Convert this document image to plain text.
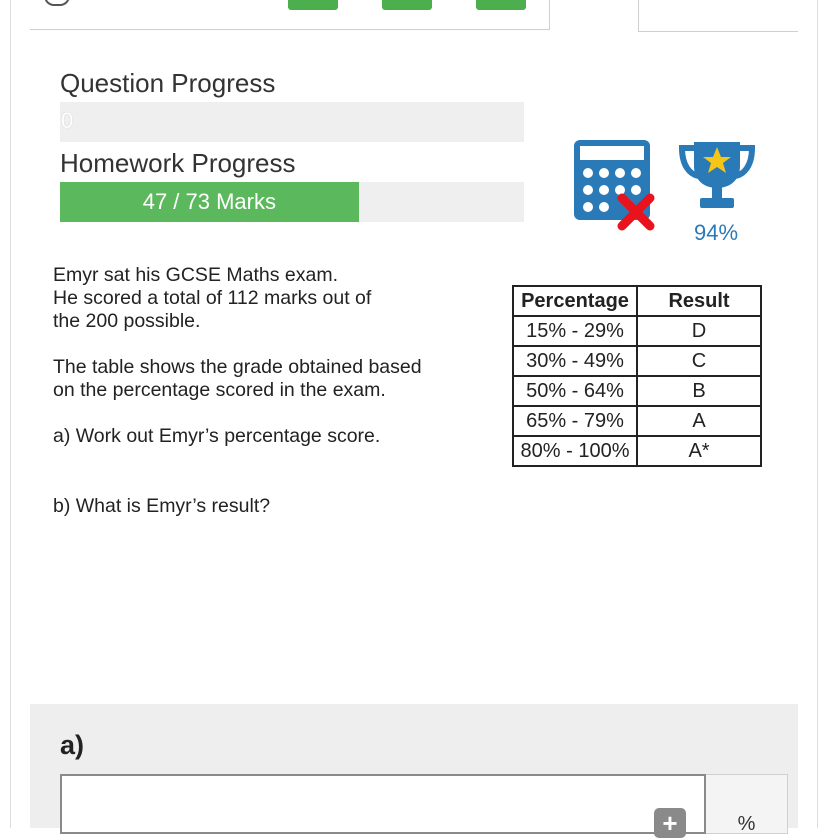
Question Progress
0
Homework Progress
47 / 73 Marks
94%

Emyr sat his GCSE Maths exam.

He scored a total of 112 marks out of

the 200 possible.

The table shows the grade obtained based

on the percentage scored in the exam.

a) Work out Emyr’s percentage score.

b) What is Emyr’s result?

Percentage	Result
15% - 29%	D
30% - 49%	C
50% - 64%	B
65% - 79%	A
80% - 100%	A*
a)
+	%
